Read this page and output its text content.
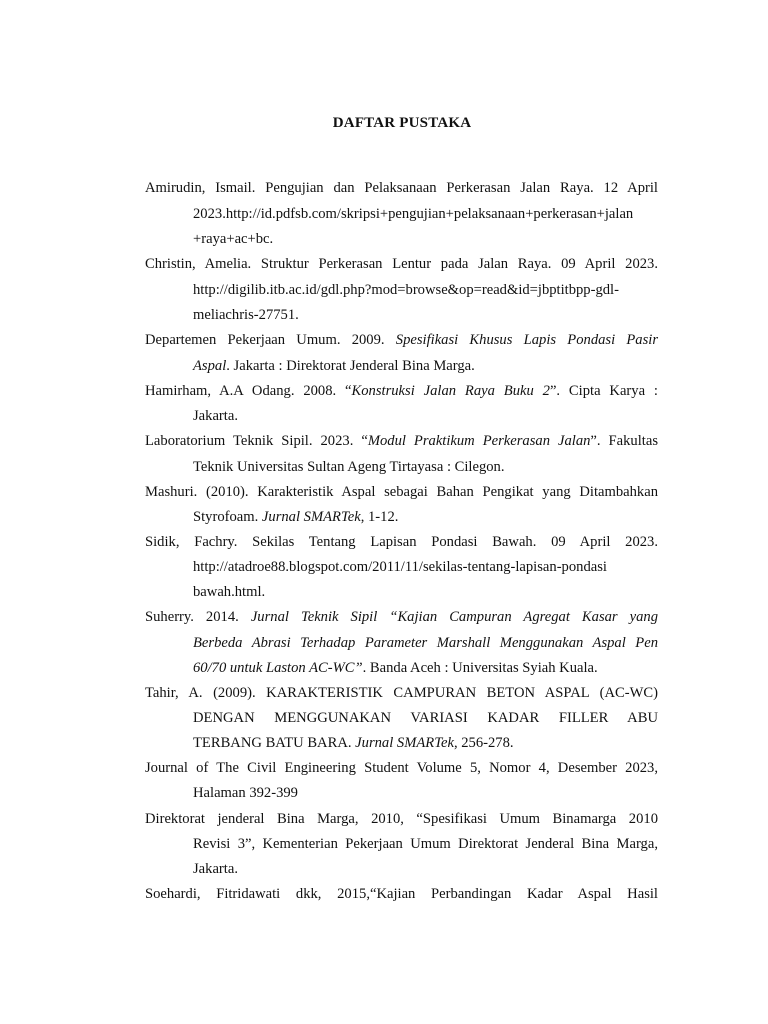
DAFTAR PUSTAKA
Amirudin, Ismail. Pengujian dan Pelaksanaan Perkerasan Jalan Raya. 12 April
2023.http://id.pdfsb.com/skripsi+pengujian+pelaksanaan+perkerasan+jalan
+raya+ac+bc.
Christin, Amelia. Struktur Perkerasan Lentur pada Jalan Raya. 09 April 2023.
http://digilib.itb.ac.id/gdl.php?mod=browse&op=read&id=jbptitbpp-gdl-
meliachris-27751.
Departemen Pekerjaan Umum. 2009. Spesifikasi Khusus Lapis Pondasi Pasir
Aspal. Jakarta : Direktorat Jenderal Bina Marga.
Hamirham, A.A Odang. 2008. “Konstruksi Jalan Raya Buku 2”. Cipta Karya :
Jakarta.
Laboratorium Teknik Sipil. 2023. “Modul Praktikum Perkerasan Jalan”. Fakultas
Teknik Universitas Sultan Ageng Tirtayasa : Cilegon.
Mashuri. (2010). Karakteristik Aspal sebagai Bahan Pengikat yang Ditambahkan
Styrofoam. Jurnal SMARTek, 1-12.
Sidik, Fachry. Sekilas Tentang Lapisan Pondasi Bawah. 09 April 2023.
http://atadroe88.blogspot.com/2011/11/sekilas-tentang-lapisan-pondasi
bawah.html.
Suherry. 2014. Jurnal Teknik Sipil “Kajian Campuran Agregat Kasar yang
Berbeda Abrasi Terhadap Parameter Marshall Menggunakan Aspal Pen
60/70 untuk Laston AC-WC”. Banda Aceh : Universitas Syiah Kuala.
Tahir, A. (2009). KARAKTERISTIK CAMPURAN BETON ASPAL (AC-WC)
DENGAN MENGGUNAKAN VARIASI KADAR FILLER ABU
TERBANG BATU BARA. Jurnal SMARTek, 256-278.
Journal of The Civil Engineering Student Volume 5, Nomor 4, Desember 2023,
Halaman 392-399
Direktorat jenderal Bina Marga, 2010, “Spesifikasi Umum Binamarga 2010
Revisi 3”, Kementerian Pekerjaan Umum Direktorat Jenderal Bina Marga,
Jakarta.
Soehardi, Fitridawati dkk, 2015,“Kajian Perbandingan Kadar Aspal Hasil
